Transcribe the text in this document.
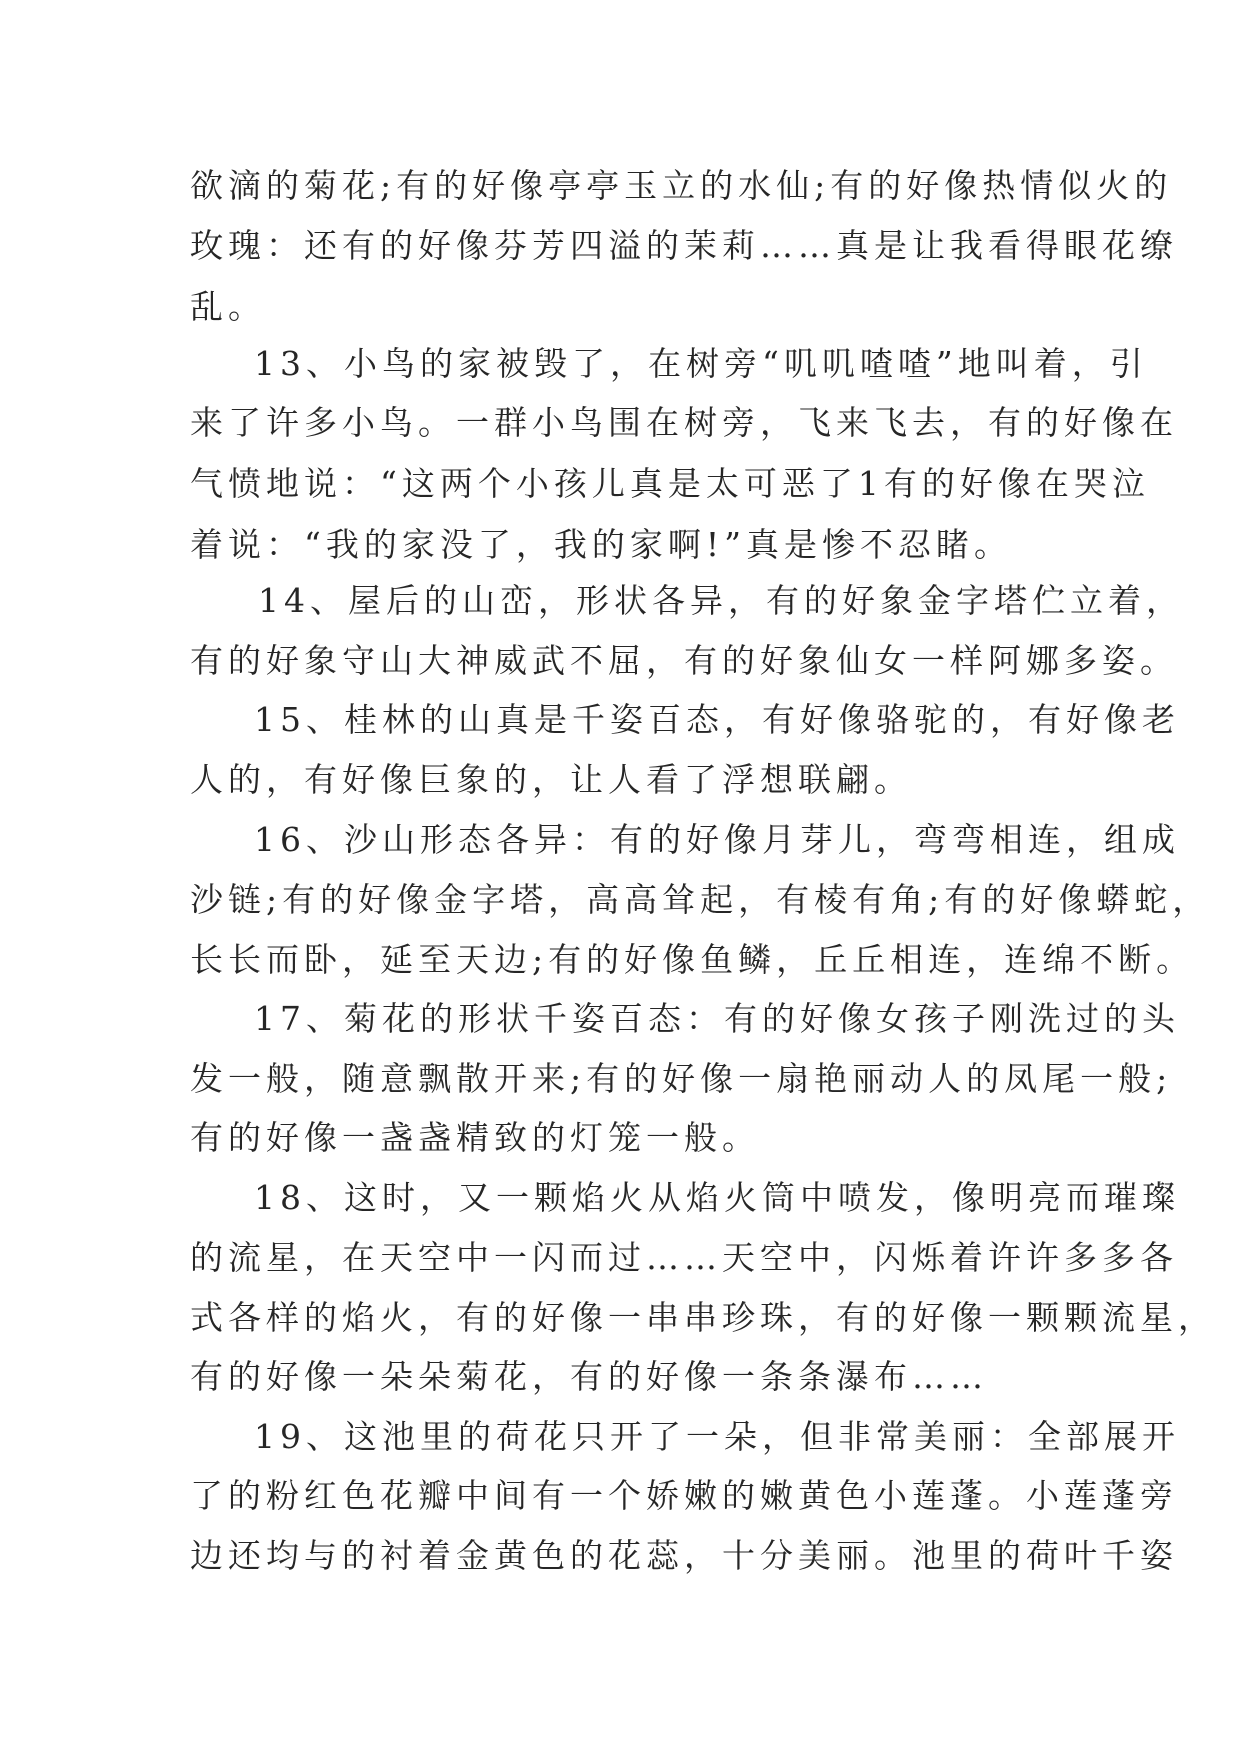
欲滴的菊花;有的好像亭亭玉立的水仙;有的好像热情似火的
玫瑰：还有的好像芬芳四溢的茉莉……真是让我看得眼花缭
乱。
13、小鸟的家被毁了，在树旁“叽叽喳喳”地叫着，引
来了许多小鸟。一群小鸟围在树旁，飞来飞去，有的好像在
气愤地说：“这两个小孩儿真是太可恶了1有的好像在哭泣
着说：“我的家没了，我的家啊!”真是惨不忍睹。
14、屋后的山峦，形状各异，有的好象金字塔伫立着，
有的好象守山大神威武不屈，有的好象仙女一样阿娜多姿。
15、桂林的山真是千姿百态，有好像骆驼的，有好像老
人的，有好像巨象的，让人看了浮想联翩。
16、沙山形态各异：有的好像月芽儿，弯弯相连，组成
沙链;有的好像金字塔，高高耸起，有棱有角;有的好像蟒蛇，
长长而卧，延至天边;有的好像鱼鳞，丘丘相连，连绵不断。
17、菊花的形状千姿百态：有的好像女孩子刚洗过的头
发一般，随意飘散开来;有的好像一扇艳丽动人的凤尾一般;
有的好像一盏盏精致的灯笼一般。
18、这时，又一颗焰火从焰火筒中喷发，像明亮而璀璨
的流星，在天空中一闪而过……天空中，闪烁着许许多多各
式各样的焰火，有的好像一串串珍珠，有的好像一颗颗流星，
有的好像一朵朵菊花，有的好像一条条瀑布……
19、这池里的荷花只开了一朵，但非常美丽：全部展开
了的粉红色花瓣中间有一个娇嫩的嫩黄色小莲蓬。小莲蓬旁
边还均与的衬着金黄色的花蕊，十分美丽。池里的荷叶千姿
